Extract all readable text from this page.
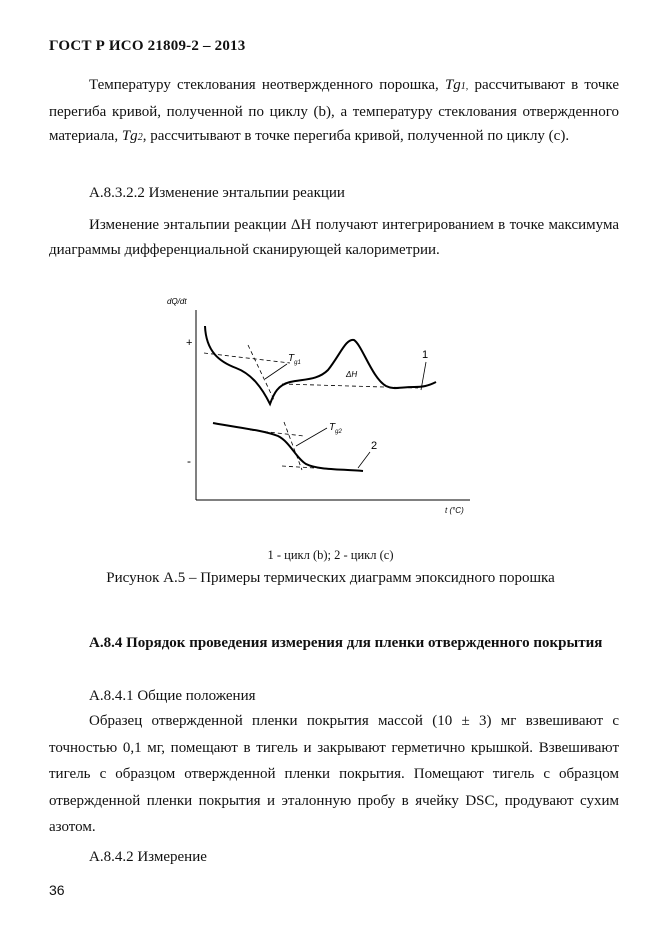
ГОСТ Р ИСО 21809-2 – 2013
Температуру стеклования неотвержденного порошка, Tg1, рассчитывают в точке перегиба кривой, полученной по циклу (b), а температуру стеклования отвержденного материала, Tg2, рассчитывают в точке перегиба кривой, полученной по циклу (c).
А.8.3.2.2 Изменение энтальпии реакции
Изменение энтальпии реакции ΔH получают интегрированием в точке максимума диаграммы дифференциальной сканирующей калориметрии.
dQ/dt
+
-
t (°C)
$T_{g1}$
ΔH
1
$T_{g2}$
2
1 - цикл (b); 2 - цикл (c)
Рисунок А.5 – Примеры термических диаграмм эпоксидного порошка
А.8.4 Порядок проведения измерения для пленки отвержденного покрытия
А.8.4.1 Общие положения
Образец отвержденной пленки покрытия массой (10 ± 3) мг взвешивают с точностью 0,1 мг, помещают в тигель и закрывают герметично крышкой. Взвешивают тигель с образцом отвержденной пленки покрытия. Помещают тигель с образцом отвержденной пленки покрытия и эталонную пробу в ячейку DSC, продувают сухим азотом.
А.8.4.2 Измерение
36
